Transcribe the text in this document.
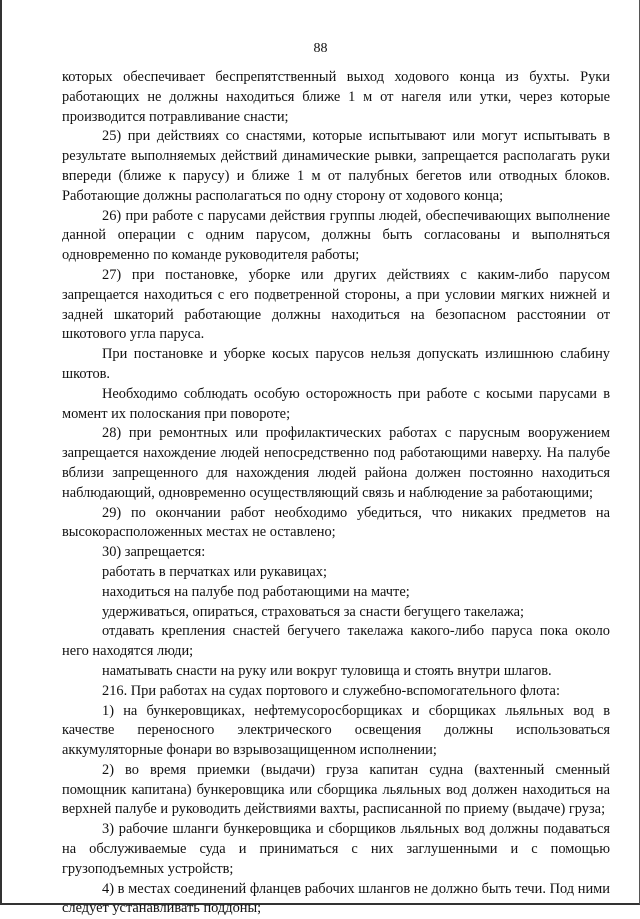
88

которых обеспечивает беспрепятственный выход ходового конца из бухты. Руки работающих не должны находиться ближе 1 м от нагеля или утки, через которые производится потравливание снасти;

25) при действиях со снастями, которые испытывают или могут испытывать в результате выполняемых действий динамические рывки, запрещается располагать руки впереди (ближе к парусу) и ближе 1 м от палубных бегетов или отводных блоков. Работающие должны располагаться по одну сторону от ходового конца;

26) при работе с парусами действия группы людей, обеспечивающих выполнение данной операции с одним парусом, должны быть согласованы и выполняться одновременно по команде руководителя работы;

27) при постановке, уборке или других действиях с каким-либо парусом запрещается находиться с его подветренной стороны, а при условии мягких нижней и задней шкаторий работающие должны находиться на безопасном расстоянии от шкотового угла паруса.

При постановке и уборке косых парусов нельзя допускать излишнюю слабину шкотов.

Необходимо соблюдать особую осторожность при работе с косыми парусами в момент их полоскания при повороте;

28) при ремонтных или профилактических работах с парусным вооружением запрещается нахождение людей непосредственно под работающими наверху. На палубе вблизи запрещенного для нахождения людей района должен постоянно находиться наблюдающий, одновременно осуществляющий связь и наблюдение за работающими;

29) по окончании работ необходимо убедиться, что никаких предметов на высокорасположенных местах не оставлено;

30) запрещается:

работать в перчатках или рукавицах;

находиться на палубе под работающими на мачте;

удерживаться, опираться, страховаться за снасти бегущего такелажа;

отдавать крепления снастей бегучего такелажа какого-либо паруса пока около него находятся люди;

наматывать снасти на руку или вокруг туловища и стоять внутри шлагов.

216. При работах на судах портового и служебно-вспомогательного флота:

1) на бункеровщиках, нефтемусоросборщиках и сборщиках льяльных вод в качестве переносного электрического освещения должны использоваться аккумуляторные фонари во взрывозащищенном исполнении;

2) во время приемки (выдачи) груза капитан судна (вахтенный сменный помощник капитана) бункеровщика или сборщика льяльных вод должен находиться на верхней палубе и руководить действиями вахты, расписанной по приему (выдаче) груза;

3) рабочие шланги бункеровщика и сборщиков льяльных вод должны подаваться на обслуживаемые суда и приниматься с них заглушенными и с помощью грузоподъемных устройств;

4) в местах соединений фланцев рабочих шлангов не должно быть течи. Под ними следует устанавливать поддоны;
